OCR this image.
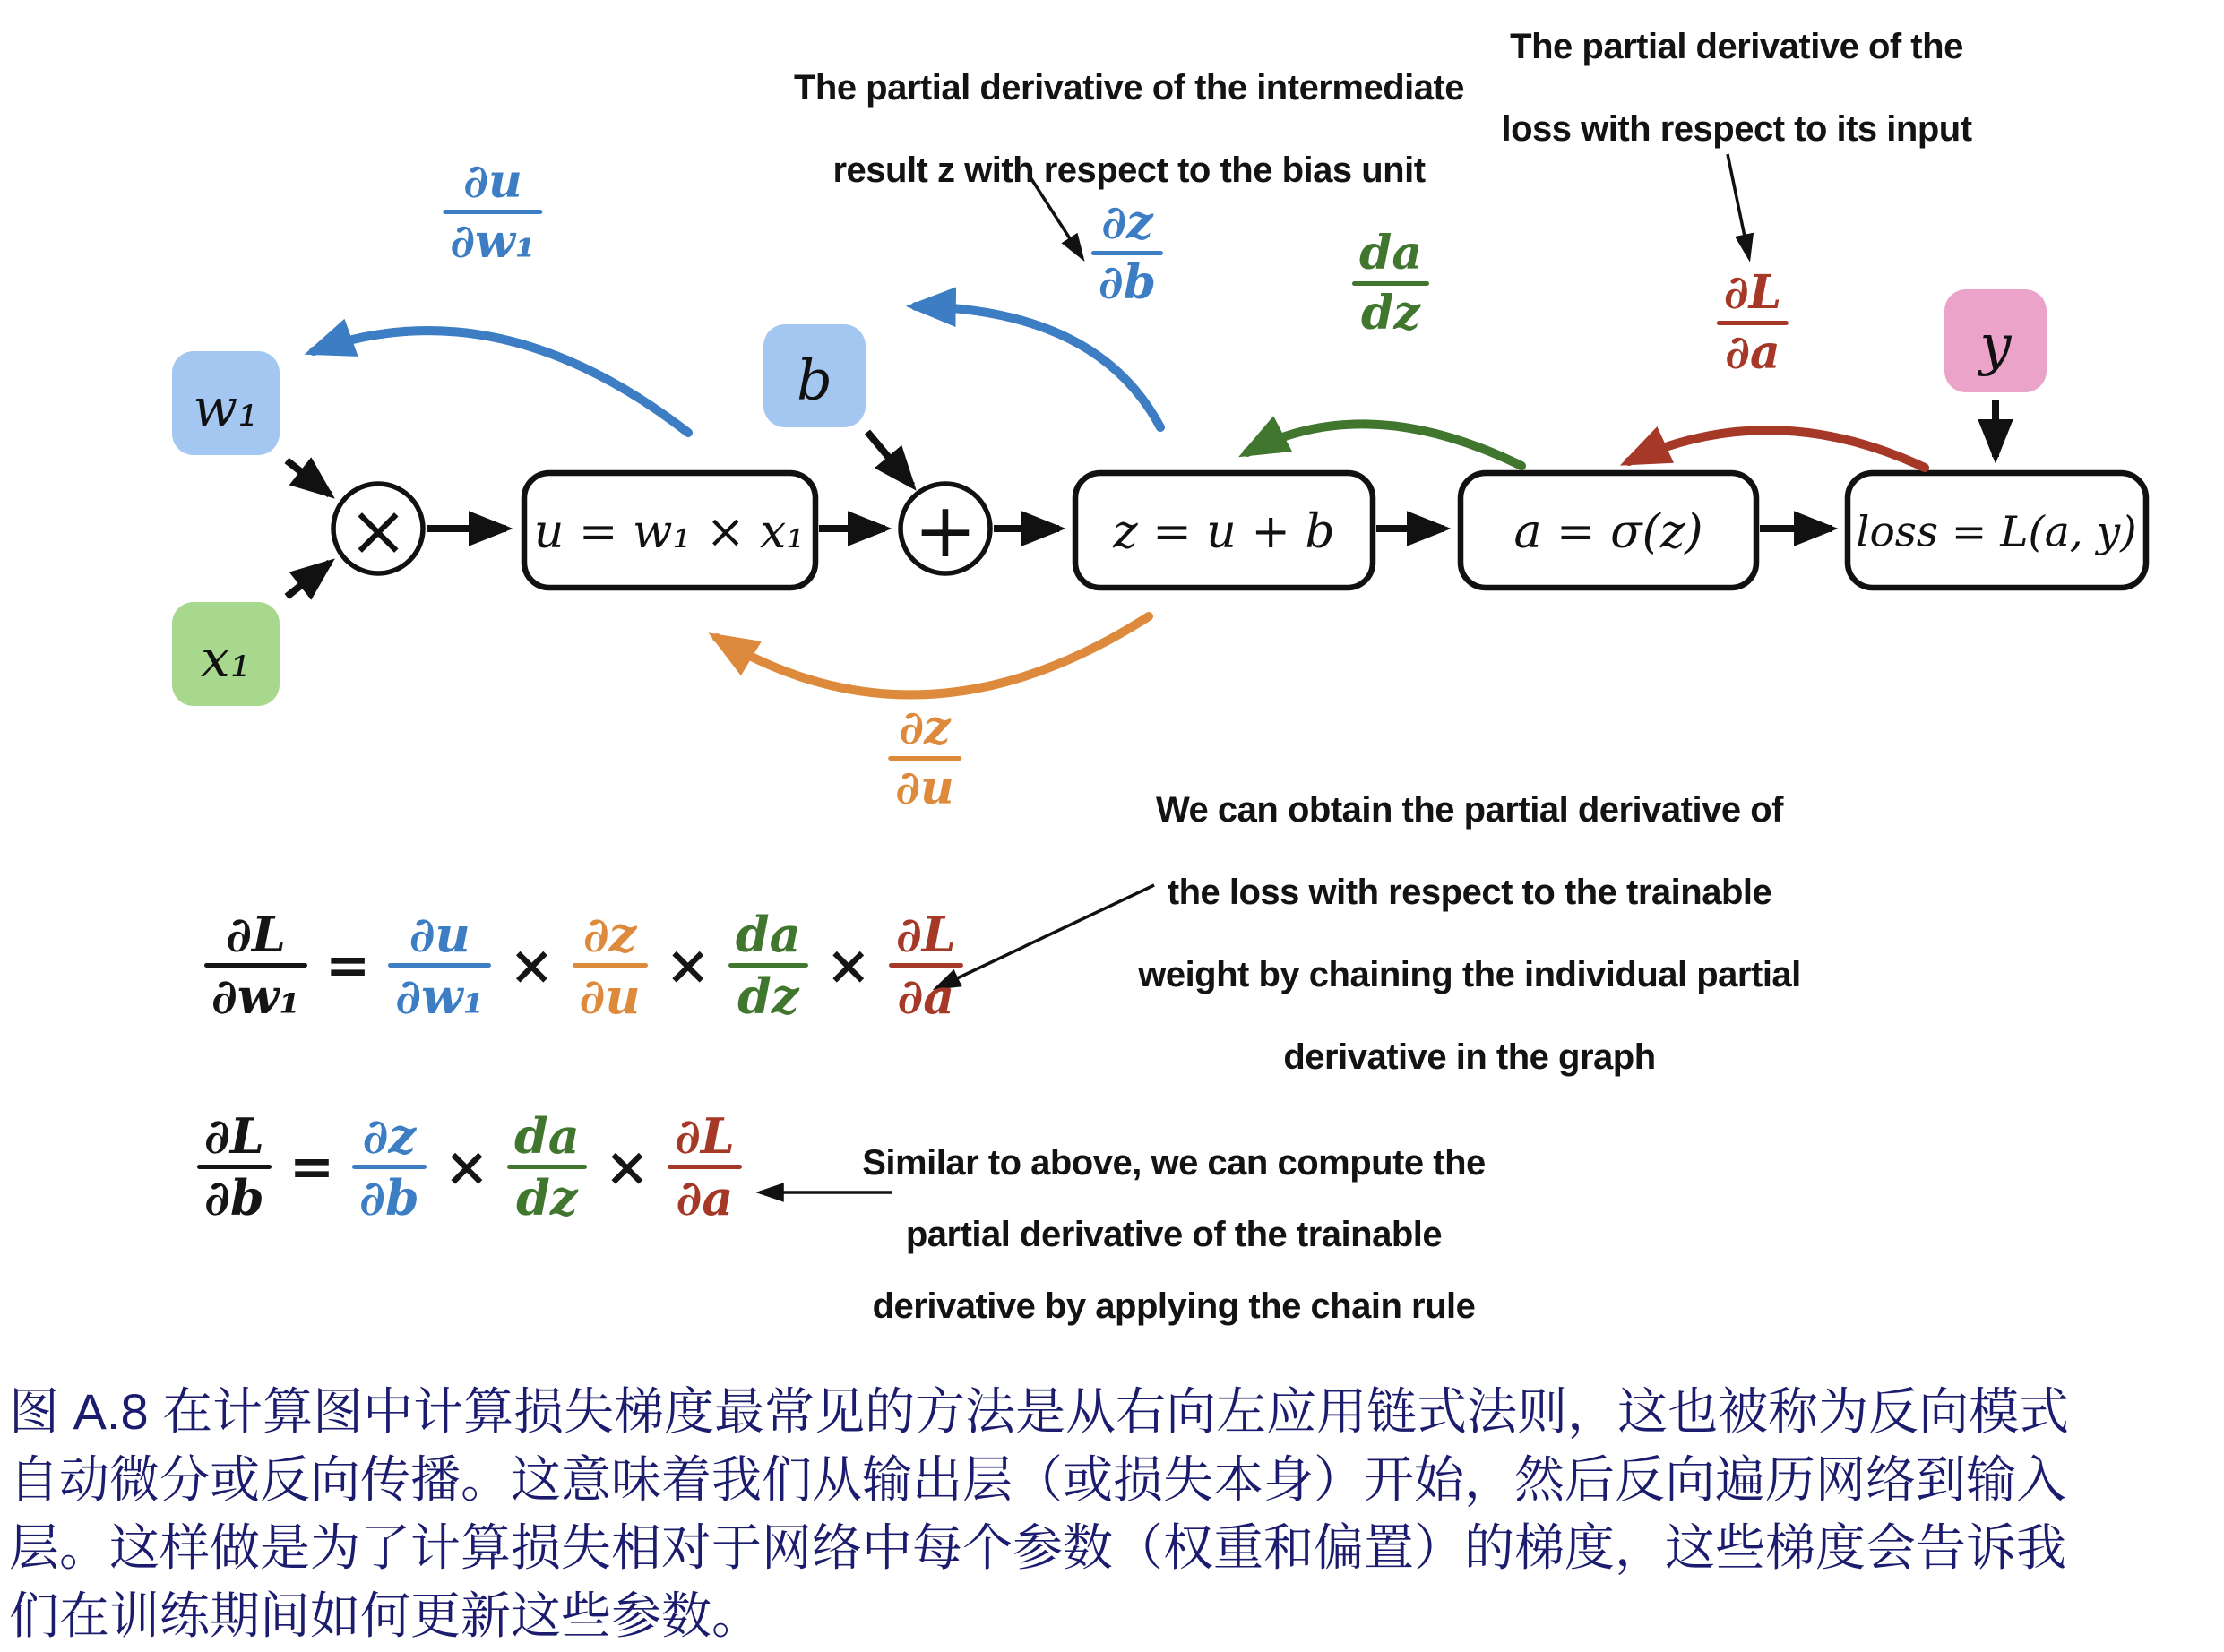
w₁
x₁
b
y
×	+
u = w₁ × x₁	z = u + b	a = σ(z)	loss = L(a, y)
The partial derivative of the intermediate
result z with respect to the bias unit
The partial derivative of the
loss with respect to its input
We can obtain the partial derivative of
the loss with respect to the trainable
weight by chaining the individual partial
derivative in the graph
Similar to above, we can compute the
partial derivative of the trainable
derivative by applying the chain rule
∂u
∂w₁	∂z
∂b
da
dz	∂L
∂a
∂z
∂u
∂L
∂w₁ = ∂u
∂w₁ × ∂z
∂u × da
dz × ∂L
∂a
∂L
∂b = ∂z
∂b × da
dz × ∂L
∂a
图 A.8 在计算图中计算损失梯度最常见的方法是从右向左应用链式法则，这也被称为反向模式
自动微分或反向传播。这意味着我们从输出层（或损失本身）开始，然后反向遍历网络到输入
层。这样做是为了计算损失相对于网络中每个参数（权重和偏置）的梯度，这些梯度会告诉我
们在训练期间如何更新这些参数。
